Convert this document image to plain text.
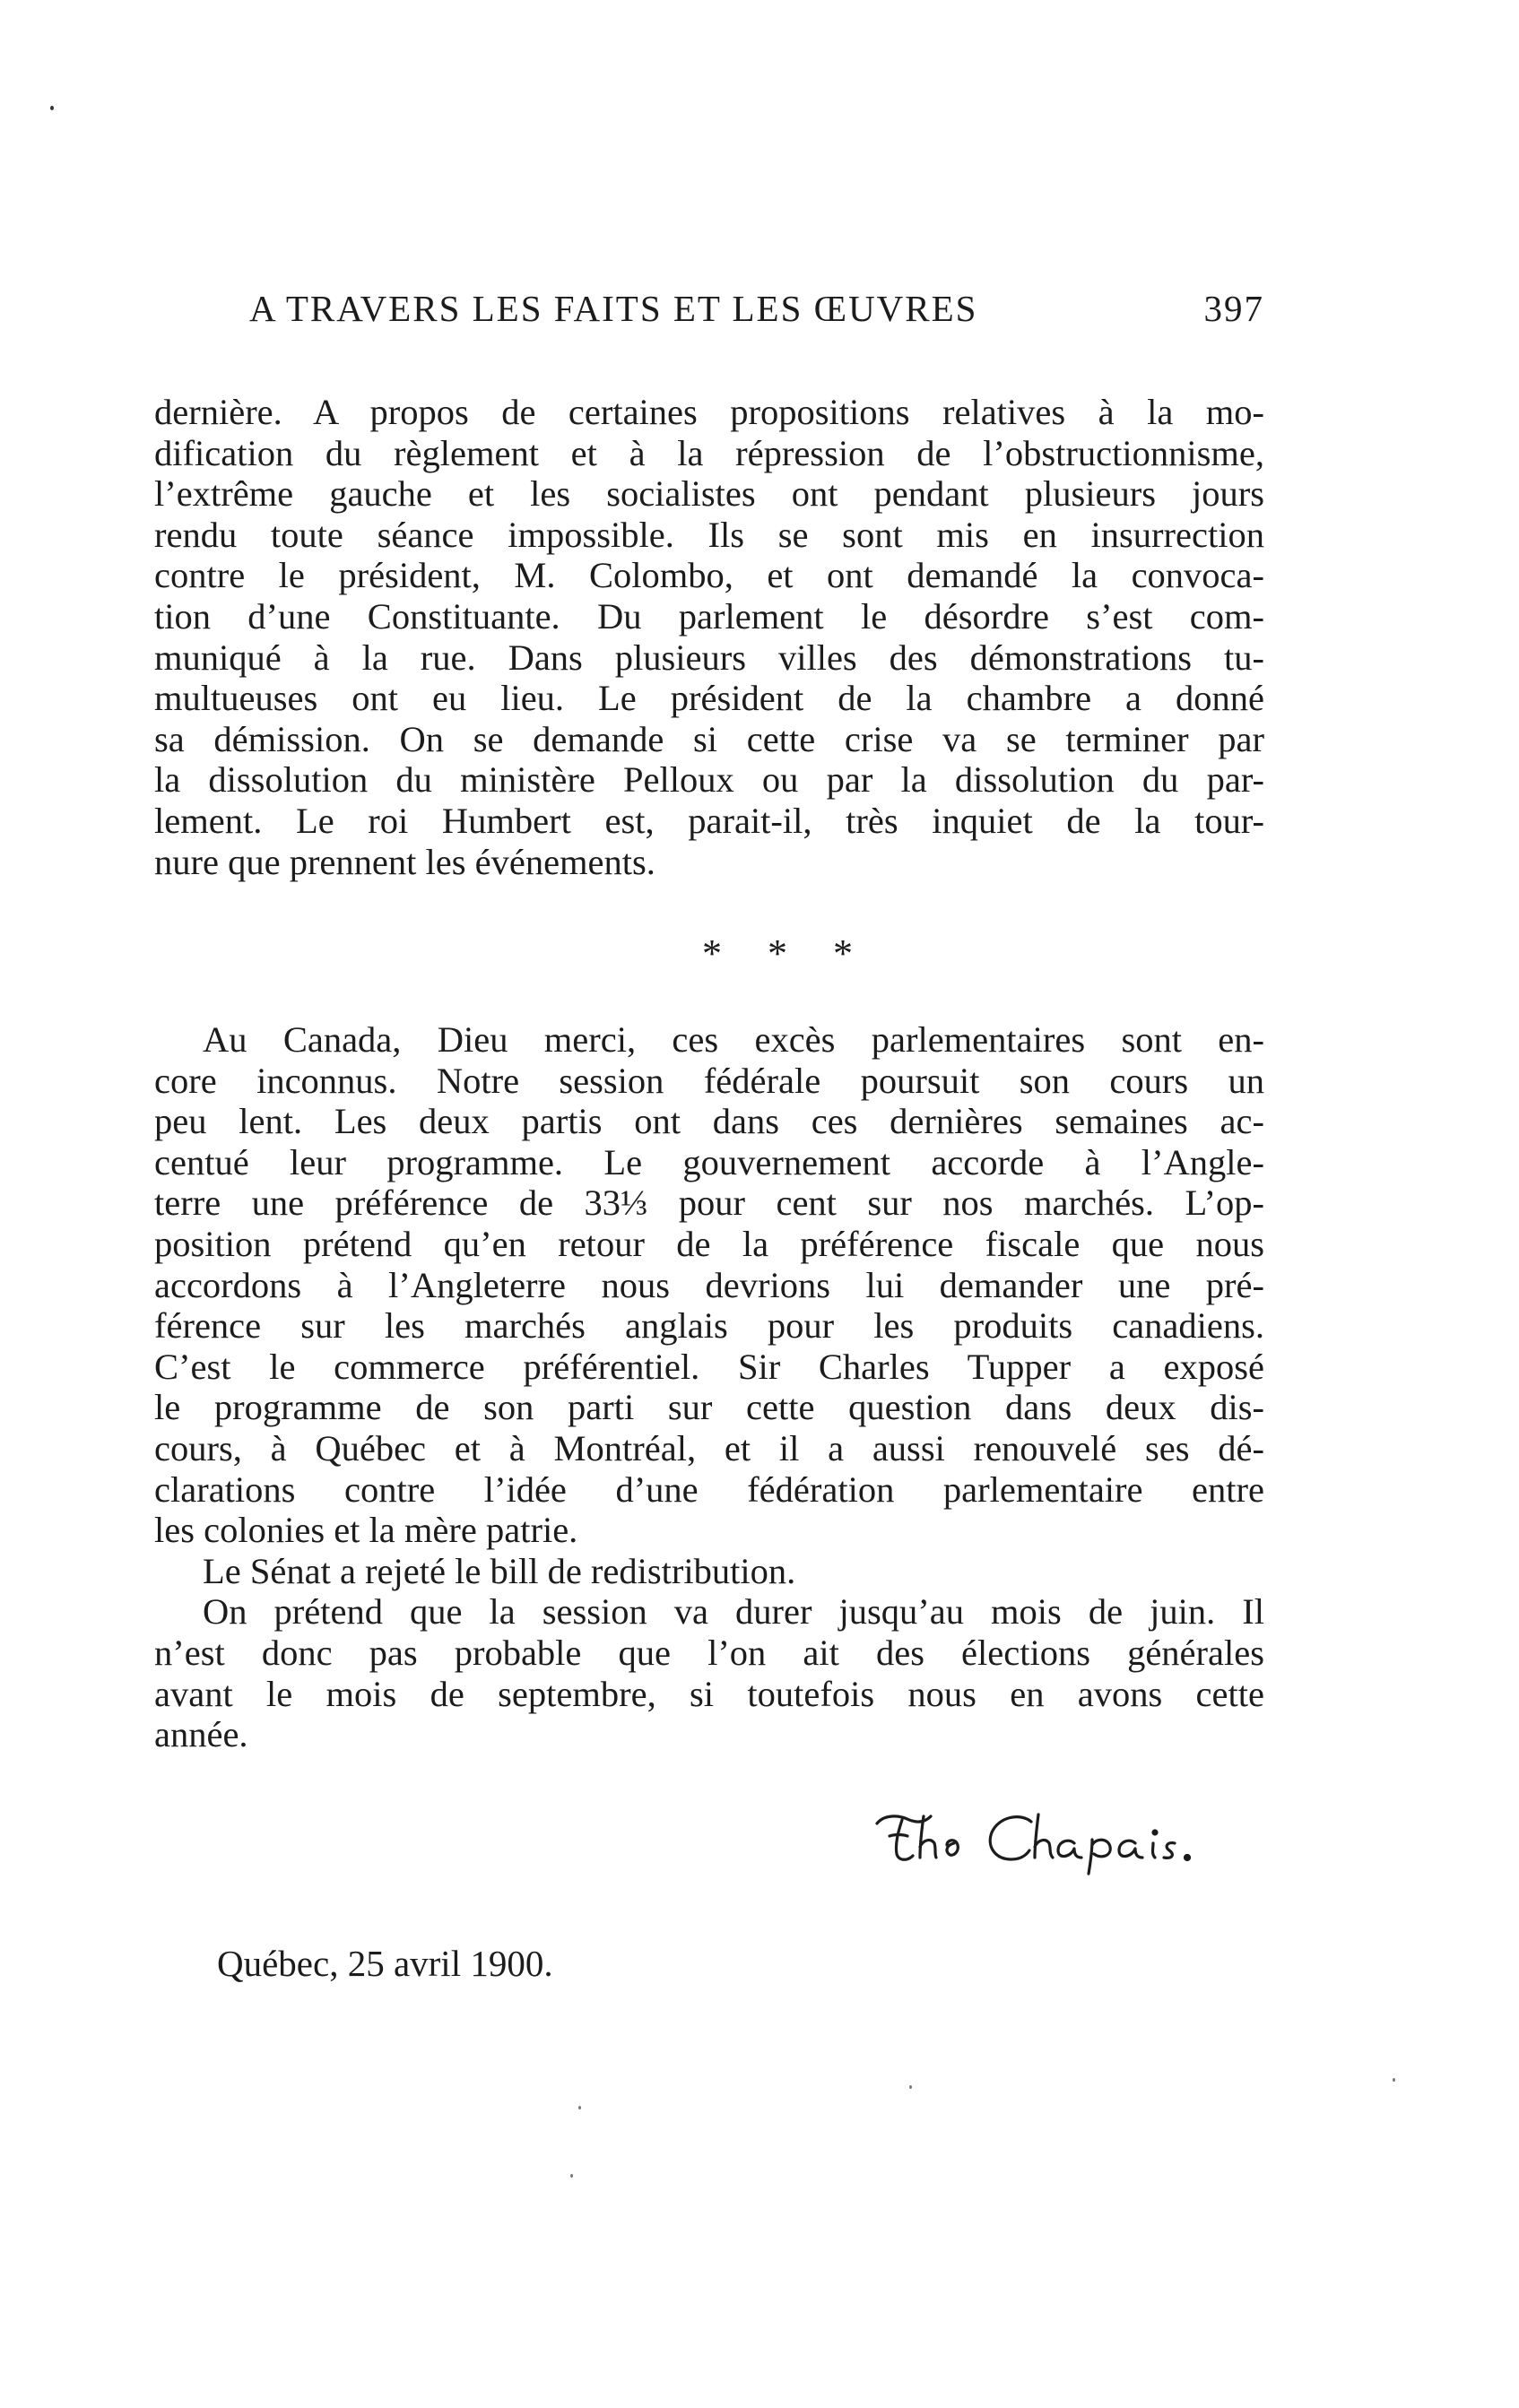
A TRAVERS LES FAITS ET LES ŒUVRES	397
dernière. A propos de certaines propositions relatives à la mo-
dification du règlement et à la répression de l’obstructionnisme,
l’extrême gauche et les socialistes ont pendant plusieurs jours
rendu toute séance impossible. Ils se sont mis en insurrection
contre le président, M. Colombo, et ont demandé la convoca-
tion d’une Constituante. Du parlement le désordre s’est com-
muniqué à la rue. Dans plusieurs villes des démonstrations tu-
multueuses ont eu lieu. Le président de la chambre a donné
sa démission. On se demande si cette crise va se terminer par
la dissolution du ministère Pelloux ou par la dissolution du par-
lement. Le roi Humbert est, parait-il, très inquiet de la tour-
nure que prennent les événements.
* * *
Au Canada, Dieu merci, ces excès parlementaires sont en-
core inconnus. Notre session fédérale poursuit son cours un
peu lent. Les deux partis ont dans ces dernières semaines ac-
centué leur programme. Le gouvernement accorde à l’Angle-
terre une préférence de 33⅓ pour cent sur nos marchés. L’op-
position prétend qu’en retour de la préférence fiscale que nous
accordons à l’Angleterre nous devrions lui demander une pré-
férence sur les marchés anglais pour les produits canadiens.
C’est le commerce préférentiel. Sir Charles Tupper a exposé
le programme de son parti sur cette question dans deux dis-
cours, à Québec et à Montréal, et il a aussi renouvelé ses dé-
clarations contre l’idée d’une fédération parlementaire entre
les colonies et la mère patrie.
Le Sénat a rejeté le bill de redistribution.
On prétend que la session va durer jusqu’au mois de juin. Il
n’est donc pas probable que l’on ait des élections générales
avant le mois de septembre, si toutefois nous en avons cette
année.
Québec, 25 avril 1900.
